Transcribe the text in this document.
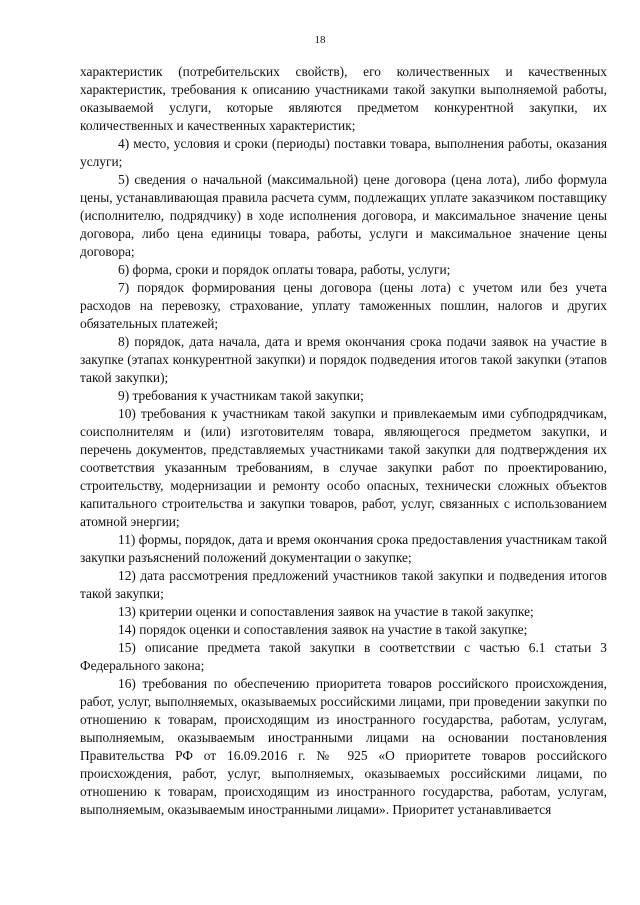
18

характеристик (потребительских свойств), его количественных и качественных характеристик, требования к описанию участниками такой закупки выполняемой работы, оказываемой услуги, которые являются предметом конкурентной закупки, их количественных и качественных характеристик;

4) место, условия и сроки (периоды) поставки товара, выполнения работы, оказания услуги;

5) сведения о начальной (максимальной) цене договора (цена лота), либо формула цены, устанавливающая правила расчета сумм, подлежащих уплате заказчиком поставщику (исполнителю, подрядчику) в ходе исполнения договора, и максимальное значение цены договора, либо цена единицы товара, работы, услуги и максимальное значение цены договора;

6) форма, сроки и порядок оплаты товара, работы, услуги;

7) порядок формирования цены договора (цены лота) с учетом или без учета расходов на перевозку, страхование, уплату таможенных пошлин, налогов и других обязательных платежей;

8) порядок, дата начала, дата и время окончания срока подачи заявок на участие в закупке (этапах конкурентной закупки) и порядок подведения итогов такой закупки (этапов такой закупки);

9) требования к участникам такой закупки;

10) требования к участникам такой закупки и привлекаемым ими субподрядчикам, соисполнителям и (или) изготовителям товара, являющегося предметом закупки, и перечень документов, представляемых участниками такой закупки для подтверждения их соответствия указанным требованиям, в случае закупки работ по проектированию, строительству, модернизации и ремонту особо опасных, технически сложных объектов капитального строительства и закупки товаров, работ, услуг, связанных с использованием атомной энергии;

11) формы, порядок, дата и время окончания срока предоставления участникам такой закупки разъяснений положений документации о закупке;

12) дата рассмотрения предложений участников такой закупки и подведения итогов такой закупки;

13) критерии оценки и сопоставления заявок на участие в такой закупке;

14) порядок оценки и сопоставления заявок на участие в такой закупке;

15) описание предмета такой закупки в соответствии с частью 6.1 статьи 3 Федерального закона;

16) требования по обеспечению приоритета товаров российского происхождения, работ, услуг, выполняемых, оказываемых российскими лицами, при проведении закупки по отношению к товарам, происходящим из иностранного государства, работам, услугам, выполняемым, оказываемым иностранными лицами на основании постановления Правительства РФ от 16.09.2016 г. № 925 «О приоритете товаров российского происхождения, работ, услуг, выполняемых, оказываемых российскими лицами, по отношению к товарам, происходящим из иностранного государства, работам, услугам, выполняемым, оказываемым иностранными лицами». Приоритет устанавливается
